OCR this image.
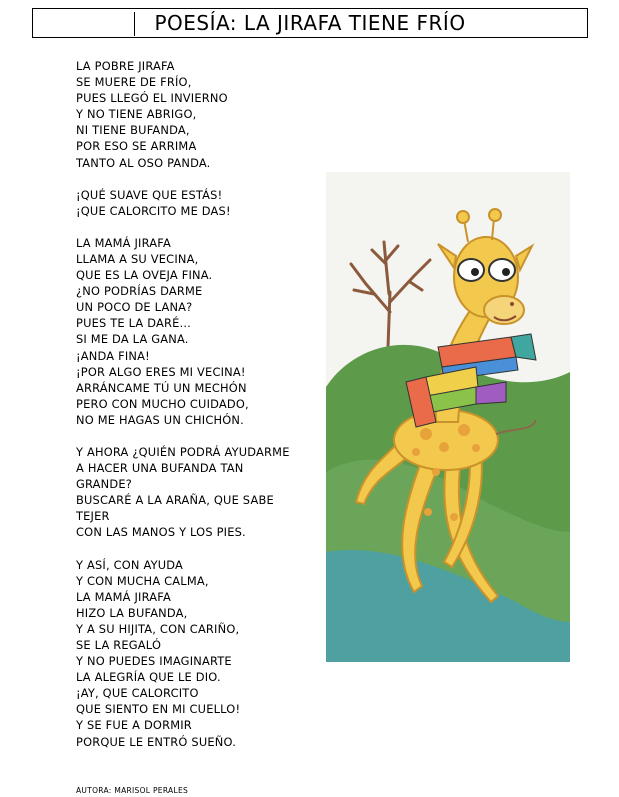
POESÍA: LA JIRAFA TIENE FRÍO
LA POBRE JIRAFA
SE MUERE DE FRÍO,
PUES LLEGÓ EL INVIERNO
Y NO TIENE ABRIGO,
NI TIENE BUFANDA,
POR ESO SE ARRIMA
TANTO AL OSO PANDA.
¡QUÉ SUAVE QUE ESTÁS!
¡QUE CALORCITO ME DAS!
LA MAMÁ JIRAFA
LLAMA A SU VECINA,
QUE ES LA OVEJA FINA.
¿NO PODRÍAS DARME
UN POCO DE LANA?
PUES TE LA DARÉ…
SI ME DA LA GANA.
¡ANDA FINA!
¡POR ALGO ERES MI VECINA!
ARRÁNCAME TÚ UN MECHÓN
PERO CON MUCHO CUIDADO,
NO ME HAGAS UN CHICHÓN.
Y AHORA ¿QUIÉN PODRÁ AYUDARME
A HACER UNA BUFANDA TAN GRANDE?
BUSCARÉ A LA ARAÑA, QUE SABE TEJER
CON LAS MANOS Y LOS PIES.
Y ASÍ, CON AYUDA
Y CON MUCHA CALMA,
LA MAMÁ JIRAFA
HIZO LA BUFANDA,
Y A SU HIJITA, CON CARIÑO,
SE LA REGALÓ
Y NO PUEDES IMAGINARTE
LA ALEGRÍA QUE LE DIO.
¡AY, QUE CALORCITO
QUE SIENTO EN MI CUELLO!
Y SE FUE A DORMIR
PORQUE LE ENTRÓ SUEÑO.
AUTORA: MARISOL PERALES
